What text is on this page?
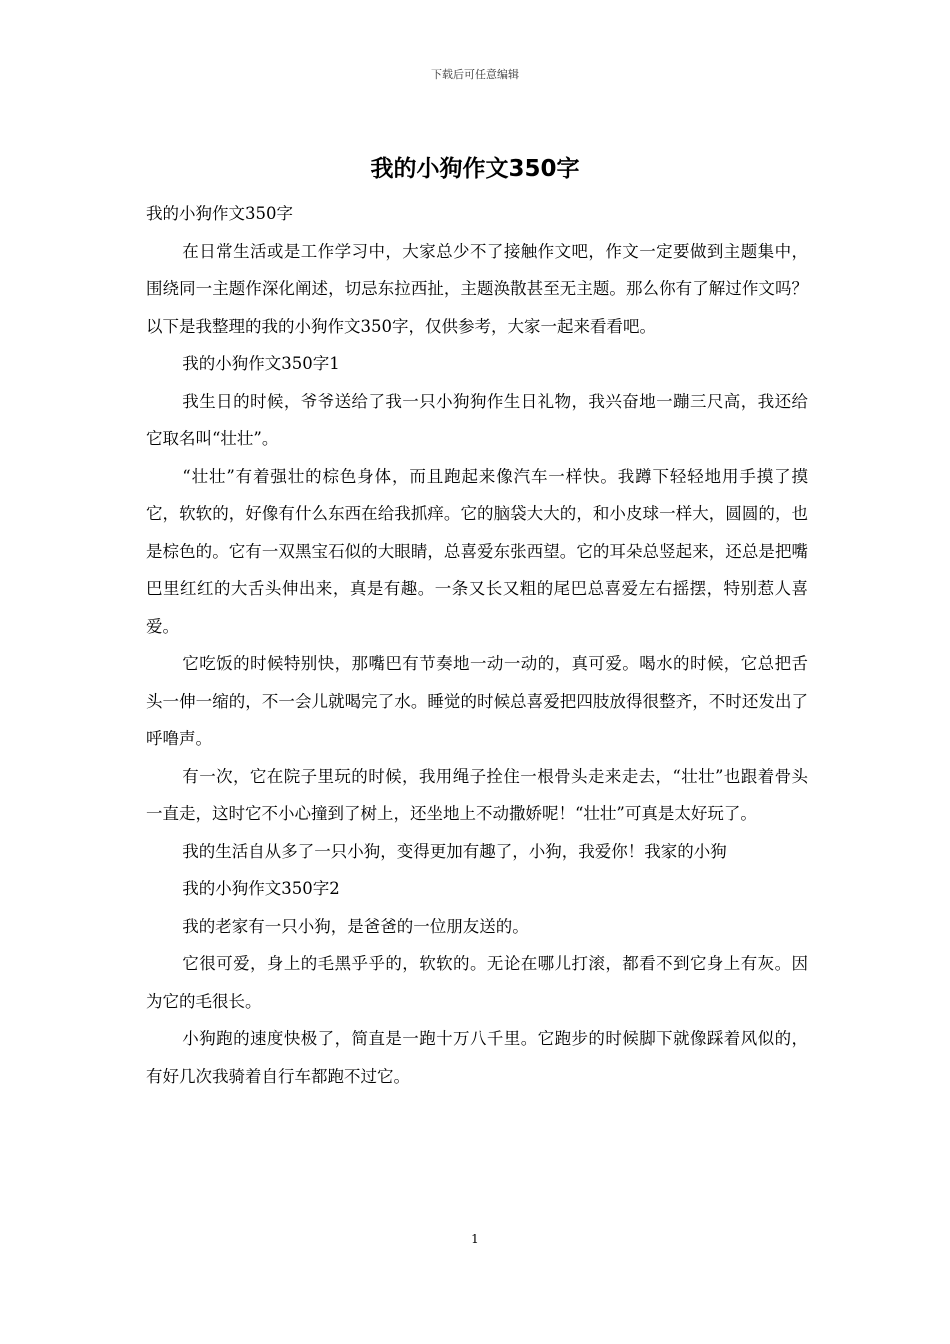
下载后可任意编辑
我的小狗作文350字

我的小狗作文350字

在日常生活或是工作学习中，大家总少不了接触作文吧，作文一定要做到主题集中，围绕同一主题作深化阐述，切忌东拉西扯，主题涣散甚至无主题。那么你有了解过作文吗？以下是我整理的我的小狗作文350字，仅供参考，大家一起来看看吧。

我的小狗作文350字1

我生日的时候，爷爷送给了我一只小狗狗作生日礼物，我兴奋地一蹦三尺高，我还给它取名叫“壮壮”。

“壮壮”有着强壮的棕色身体，而且跑起来像汽车一样快。我蹲下轻轻地用手摸了摸它，软软的，好像有什么东西在给我抓痒。它的脑袋大大的，和小皮球一样大，圆圆的，也是棕色的。它有一双黑宝石似的大眼睛，总喜爱东张西望。它的耳朵总竖起来，还总是把嘴巴里红红的大舌头伸出来，真是有趣。一条又长又粗的尾巴总喜爱左右摇摆，特别惹人喜爱。

它吃饭的时候特别快，那嘴巴有节奏地一动一动的，真可爱。喝水的时候，它总把舌头一伸一缩的，不一会儿就喝完了水。睡觉的时候总喜爱把四肢放得很整齐，不时还发出了呼噜声。

有一次，它在院子里玩的时候，我用绳子拴住一根骨头走来走去，“壮壮”也跟着骨头一直走，这时它不小心撞到了树上，还坐地上不动撒娇呢！“壮壮”可真是太好玩了。

我的生活自从多了一只小狗，变得更加有趣了，小狗，我爱你！我家的小狗

我的小狗作文350字2

我的老家有一只小狗，是爸爸的一位朋友送的。

它很可爱，身上的毛黑乎乎的，软软的。无论在哪儿打滚，都看不到它身上有灰。因为它的毛很长。

小狗跑的速度快极了，简直是一跑十万八千里。它跑步的时候脚下就像踩着风似的，有好几次我骑着自行车都跑不过它。

1
